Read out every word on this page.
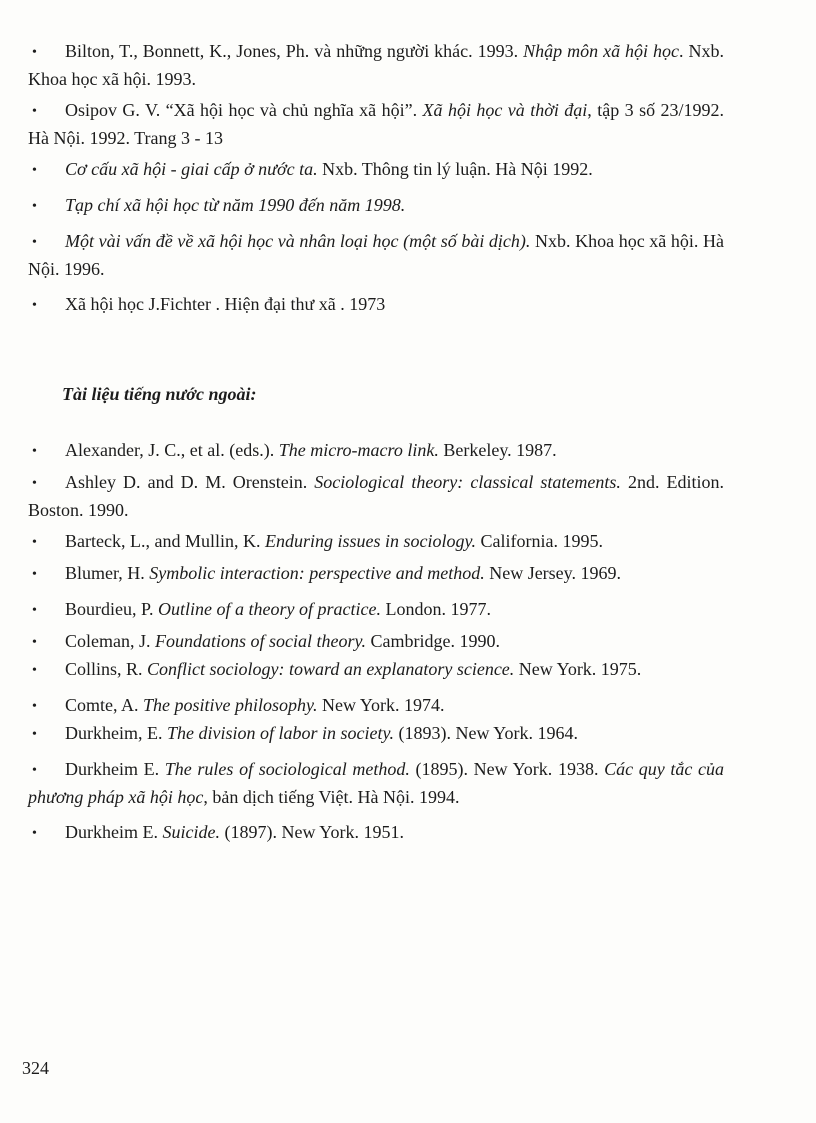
• Bilton, T., Bonnett, K., Jones, Ph. và những người khác. 1993. Nhập môn xã hội học. Nxb. Khoa học xã hội. 1993.
• Osipov G. V. “Xã hội học và chủ nghĩa xã hội”. Xã hội học và thời đại, tập 3 số 23/1992. Hà Nội. 1992. Trang 3 - 13
• Cơ cấu xã hội - giai cấp ở nước ta. Nxb. Thông tin lý luận. Hà Nội 1992.
• Tạp chí xã hội học từ năm 1990 đến năm 1998.
• Một vài vấn đề về xã hội học và nhân loại học (một số bài dịch). Nxb. Khoa học xã hội. Hà Nội. 1996.
• Xã hội học J.Fichter . Hiện đại thư xã . 1973
Tài liệu tiếng nước ngoài:
• Alexander, J. C., et al. (eds.). The micro-macro link. Berkeley. 1987.
• Ashley D. and D. M. Orenstein. Sociological theory: classical statements. 2nd. Edition. Boston. 1990.
• Barteck, L., and Mullin, K. Enduring issues in sociology. California. 1995.
• Blumer, H. Symbolic interaction: perspective and method. New Jersey. 1969.
• Bourdieu, P. Outline of a theory of practice. London. 1977.
• Coleman, J. Foundations of social theory. Cambridge. 1990.
• Collins, R. Conflict sociology: toward an explanatory science. New York. 1975.
• Comte, A. The positive philosophy. New York. 1974.
• Durkheim, E. The division of labor in society. (1893). New York. 1964.
• Durkheim E. The rules of sociological method. (1895). New York. 1938. Các quy tắc của phương pháp xã hội học, bản dịch tiếng Việt. Hà Nội. 1994.
• Durkheim E. Suicide. (1897). New York. 1951.
324
